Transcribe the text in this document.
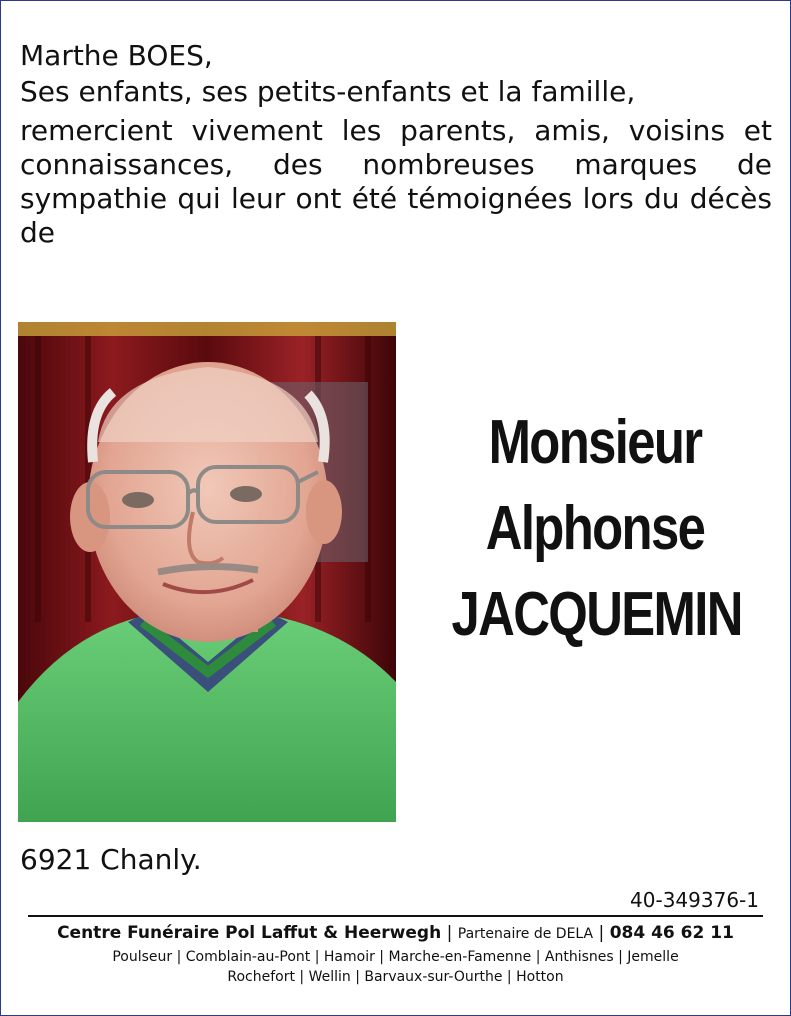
Marthe BOES,

Ses enfants, ses petits-enfants et la famille,

remercient vivement les parents, amis, voisins et connaissances, des nombreuses marques de sympathie qui leur ont été témoignées lors du décès de

Monsieur
Alphonse
JACQUEMIN
6921 Chanly.
40-349376-1
Centre Funéraire Pol Laffut & Heerwegh | Partenaire de DELA | 084 46 62 11
Poulseur | Comblain-au-Pont | Hamoir | Marche-en-Famenne | Anthisnes | Jemelle
Rochefort | Wellin | Barvaux-sur-Ourthe | Hotton
